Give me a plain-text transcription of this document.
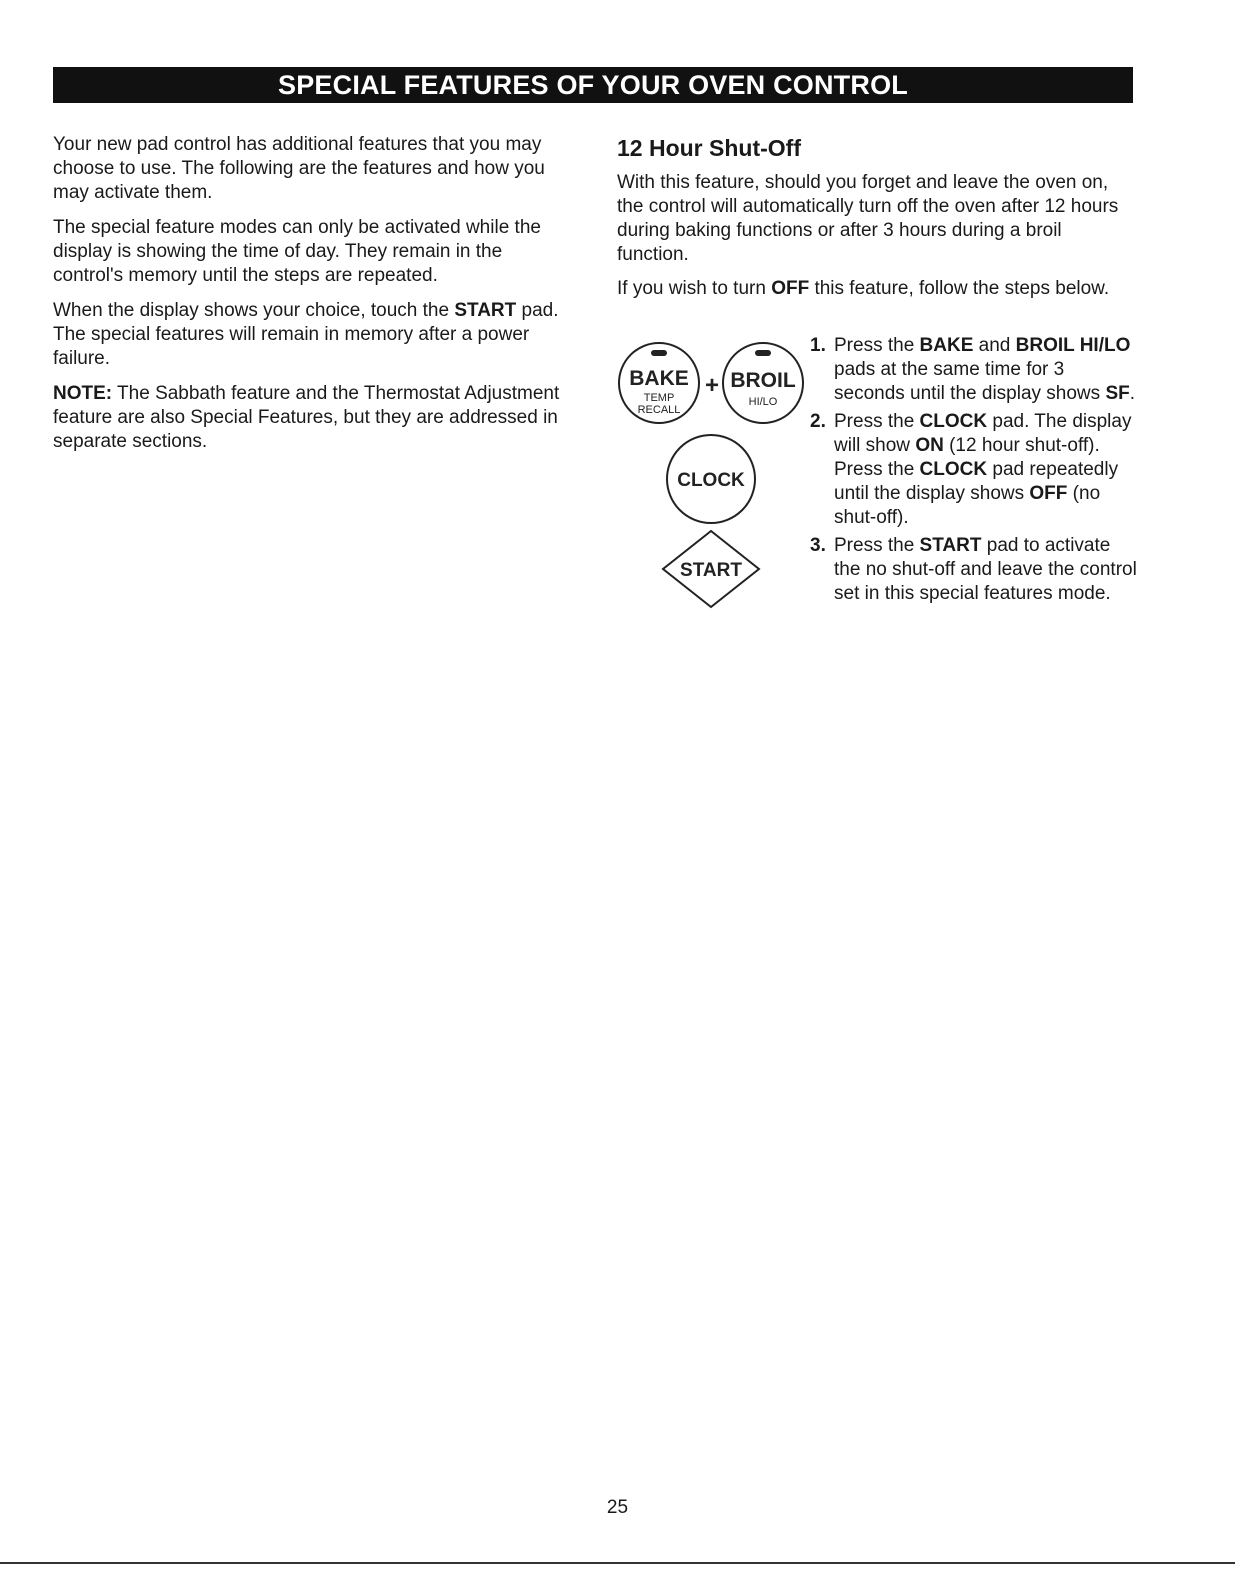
SPECIAL FEATURES OF YOUR OVEN CONTROL

Your new pad control has additional features that you may choose to use. The following are the features and how you may activate them.

The special feature modes can only be activated while the display is showing the time of day. They remain in the control's memory until the steps are repeated.

When the display shows your choice, touch the START pad. The special features will remain in memory after a power failure.

NOTE: The Sabbath feature and the Thermostat Adjustment feature are also Special Features, but they are addressed in separate sections.

12 Hour Shut-Off

With this feature, should you forget and leave the oven on, the control will automatically turn off the oven after 12 hours during baking functions or after 3 hours during a broil function.

If you wish to turn OFF this feature, follow the steps below.

BAKE
TEMP
RECALL
+ BROIL
HI/LO
CLOCK
START
1. Press the BAKE and BROIL HI/LO pads at the same time for 3 seconds until the display shows SF.
2. Press the CLOCK pad. The display will show ON (12 hour shut-off). Press the CLOCK pad repeatedly until the display shows OFF (no shut-off).
3. Press the START pad to activate the no shut-off and leave the control set in this special features mode.
25
